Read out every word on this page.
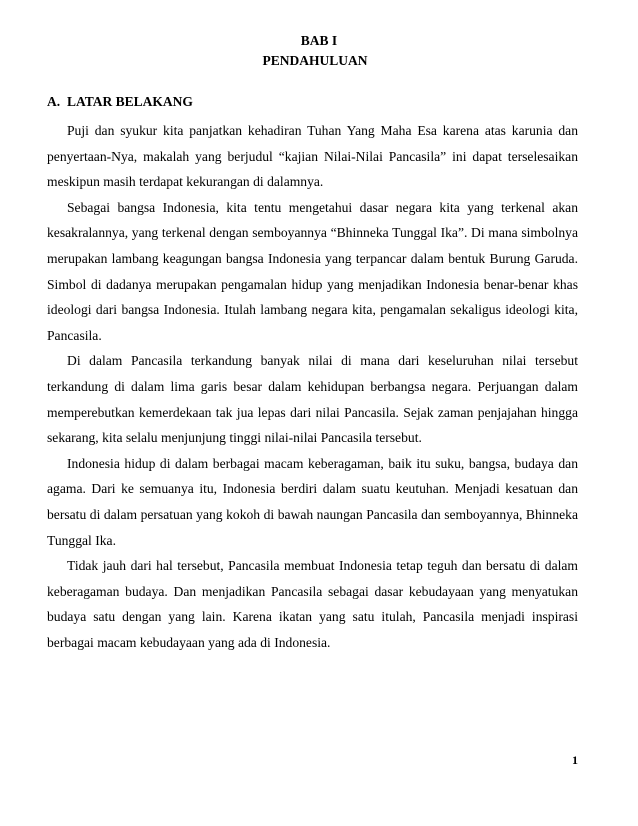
BAB I
PENDAHULUAN
A. LATAR BELAKANG

Puji dan syukur kita panjatkan kehadiran Tuhan Yang Maha Esa karena atas karunia dan penyertaan-Nya, makalah yang berjudul “kajian Nilai-Nilai Pancasila” ini dapat terselesaikan meskipun masih terdapat kekurangan di dalamnya.

Sebagai bangsa Indonesia, kita tentu mengetahui dasar negara kita yang terkenal akan kesakralannya, yang terkenal dengan semboyannya “Bhinneka Tunggal Ika”. Di mana simbolnya merupakan lambang keagungan bangsa Indonesia yang terpancar dalam bentuk Burung Garuda. Simbol di dadanya merupakan pengamalan hidup yang menjadikan Indonesia benar-benar khas ideologi dari bangsa Indonesia. Itulah lambang negara kita, pengamalan sekaligus ideologi kita, Pancasila.

Di dalam Pancasila terkandung banyak nilai di mana dari keseluruhan nilai tersebut terkandung di dalam lima garis besar dalam kehidupan berbangsa negara. Perjuangan dalam memperebutkan kemerdekaan tak jua lepas dari nilai Pancasila. Sejak zaman penjajahan hingga sekarang, kita selalu menjunjung tinggi nilai-nilai Pancasila tersebut.

Indonesia hidup di dalam berbagai macam keberagaman, baik itu suku, bangsa, budaya dan agama. Dari ke semuanya itu, Indonesia berdiri dalam suatu keutuhan. Menjadi kesatuan dan bersatu di dalam persatuan yang kokoh di bawah naungan Pancasila dan semboyannya, Bhinneka Tunggal Ika.

Tidak jauh dari hal tersebut, Pancasila membuat Indonesia tetap teguh dan bersatu di dalam keberagaman budaya. Dan menjadikan Pancasila sebagai dasar kebudayaan yang menyatukan budaya satu dengan yang lain. Karena ikatan yang satu itulah, Pancasila menjadi inspirasi berbagai macam kebudayaan yang ada di Indonesia.

1
